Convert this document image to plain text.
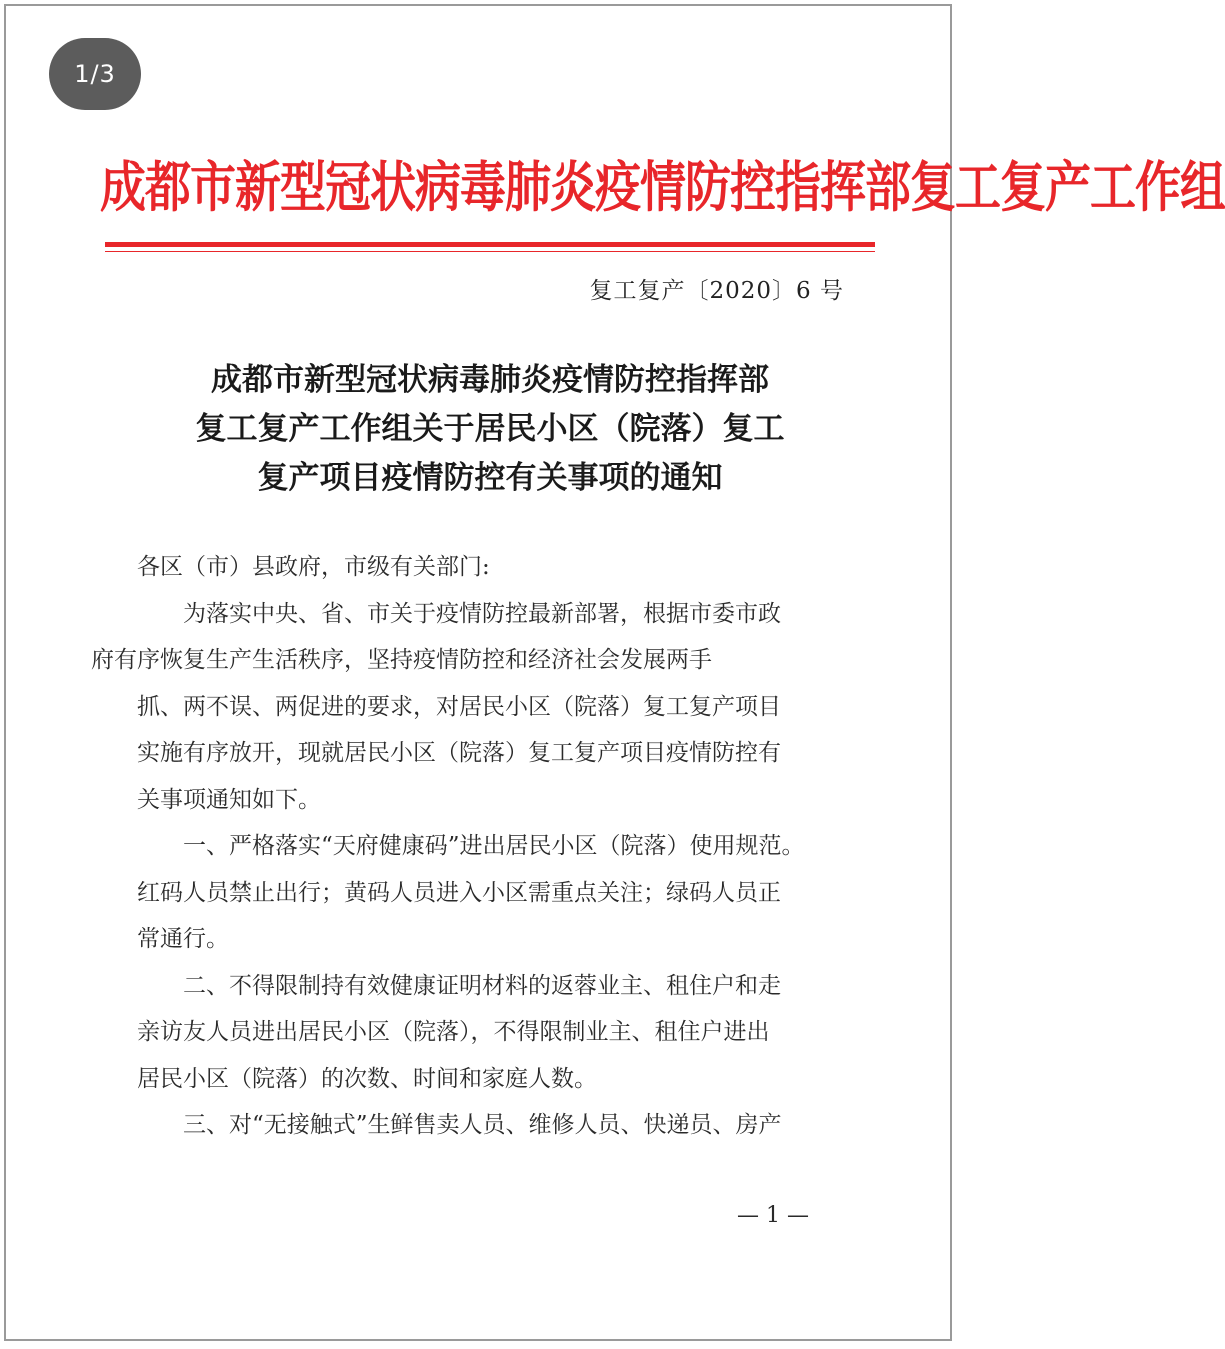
1/3
成都市新型冠状病毒肺炎疫情防控指挥部复工复产工作组
复工复产〔2020〕6 号
成都市新型冠状病毒肺炎疫情防控指挥部
复工复产工作组关于居民小区（院落）复工
复产项目疫情防控有关事项的通知

各区（市）县政府，市级有关部门:

为落实中央、省、市关于疫情防控最新部署，根据市委市政
府有序恢复生产生活秩序，坚持疫情防控和经济社会发展两手
抓、两不误、两促进的要求，对居民小区（院落）复工复产项目
实施有序放开，现就居民小区（院落）复工复产项目疫情防控有
关事项通知如下。

一、严格落实“天府健康码”进出居民小区（院落）使用规范。
红码人员禁止出行；黄码人员进入小区需重点关注；绿码人员正
常通行。

二、不得限制持有效健康证明材料的返蓉业主、租住户和走
亲访友人员进出居民小区（院落），不得限制业主、租住户进出
居民小区（院落）的次数、时间和家庭人数。

三、对“无接触式”生鲜售卖人员、维修人员、快递员、房产

— 1 —
